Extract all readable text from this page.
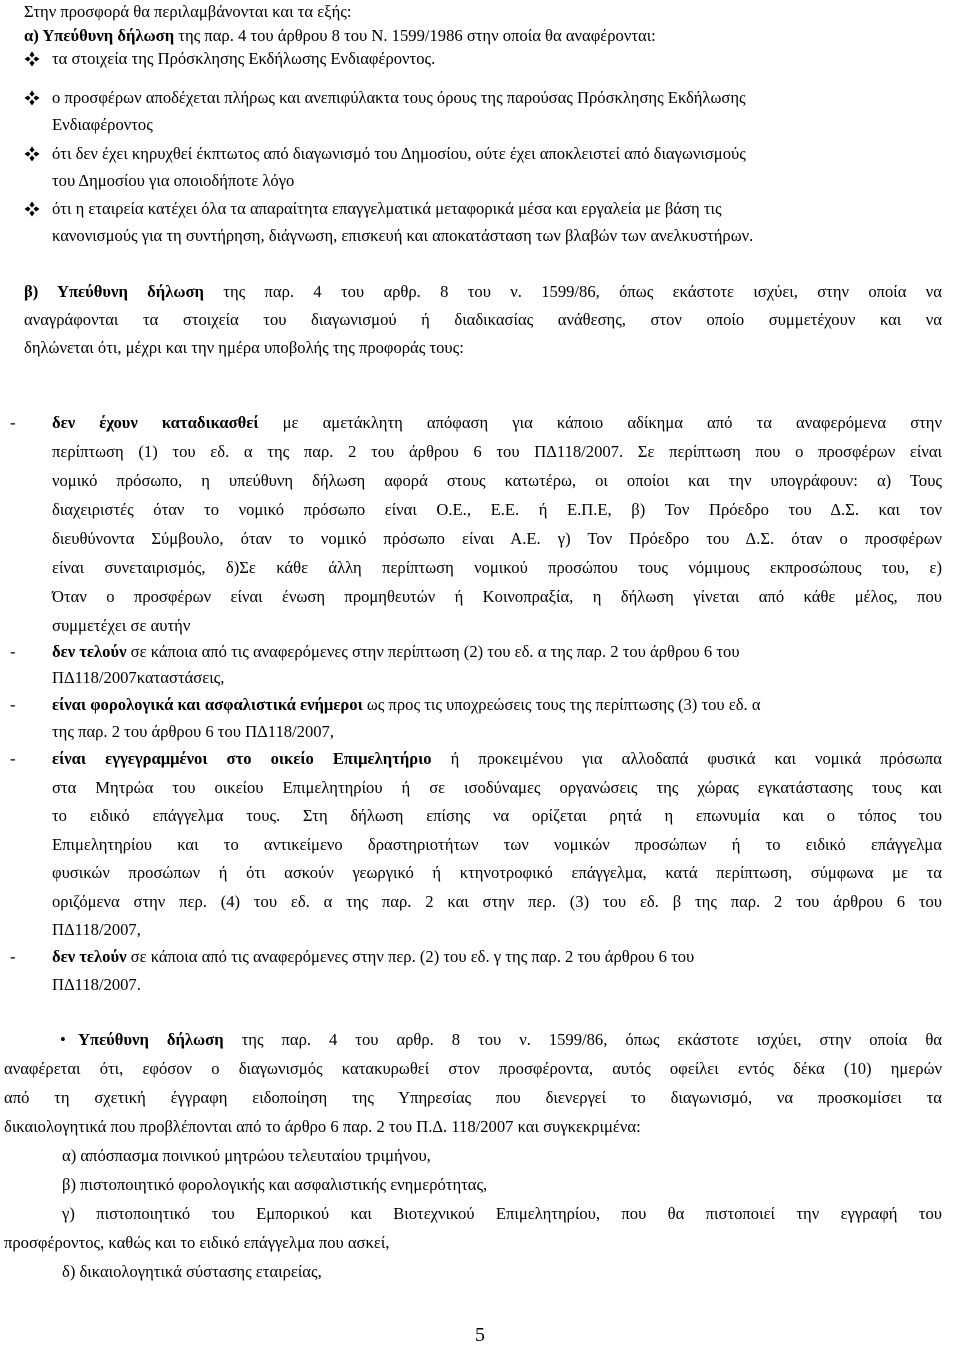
Στην προσφορά θα περιλαμβάνονται και τα εξής:
α) Υπεύθυνη δήλωση της παρ. 4 του άρθρου 8 του Ν. 1599/1986 στην οποία θα αναφέρονται:
τα στοιχεία της Πρόσκλησης Εκδήλωσης Ενδιαφέροντος.
ο προσφέρων αποδέχεται πλήρως και ανεπιφύλακτα τους όρους της παρούσας Πρόσκλησης Εκδήλωσης
Ενδιαφέροντος
ότι δεν έχει κηρυχθεί έκπτωτος από διαγωνισμό του Δημοσίου, ούτε έχει αποκλειστεί από διαγωνισμούς
του Δημοσίου για οποιοδήποτε λόγο
ότι η εταιρεία κατέχει όλα τα απαραίτητα επαγγελματικά μεταφορικά μέσα και εργαλεία με βάση τις
κανονισμούς για τη συντήρηση, διάγνωση, επισκευή και αποκατάσταση των βλαβών των ανελκυστήρων.
β) Υπεύθυνη δήλωση της παρ. 4 του αρθρ. 8 του ν. 1599/86, όπως εκάστοτε ισχύει, στην οποία να
αναγράφονται τα στοιχεία του διαγωνισμού ή διαδικασίας ανάθεσης, στον οποίο συμμετέχουν και να
δηλώνεται ότι, μέχρι και την ημέρα υποβολής της προφοράς τους:
- δεν έχουν καταδικασθεί με αμετάκλητη απόφαση για κάποιο αδίκημα από τα αναφερόμενα στην
περίπτωση (1) του εδ. α της παρ. 2 του άρθρου 6 του ΠΔ118/2007. Σε περίπτωση που ο προσφέρων είναι
νομικό πρόσωπο, η υπεύθυνη δήλωση αφορά στους κατωτέρω, οι οποίοι και την υπογράφουν: α) Τους
διαχειριστές όταν το νομικό πρόσωπο είναι Ο.Ε., Ε.Ε. ή Ε.Π.Ε, β) Τον Πρόεδρο του Δ.Σ. και τον
διευθύνοντα Σύμβουλο, όταν το νομικό πρόσωπο είναι Α.Ε. γ) Τον Πρόεδρο του Δ.Σ. όταν ο προσφέρων
είναι συνεταιρισμός, δ)Σε κάθε άλλη περίπτωση νομικού προσώπου τους νόμιμους εκπροσώπους του, ε)
Όταν ο προσφέρων είναι ένωση προμηθευτών ή Κοινοπραξία, η δήλωση γίνεται από κάθε μέλος, που
συμμετέχει σε αυτήν
- δεν τελούν σε κάποια από τις αναφερόμενες στην περίπτωση (2) του εδ. α της παρ. 2 του άρθρου 6 του
ΠΔ118/2007καταστάσεις,
- είναι φορολογικά και ασφαλιστικά ενήμεροι ως προς τις υποχρεώσεις τους της περίπτωσης (3) του εδ. α
της παρ. 2 του άρθρου 6 του ΠΔ118/2007,
- είναι εγγεγραμμένοι στο οικείο Επιμελητήριο ή προκειμένου για αλλοδαπά φυσικά και νομικά πρόσωπα
στα Μητρώα του οικείου Επιμελητηρίου ή σε ισοδύναμες οργανώσεις της χώρας εγκατάστασης τους και
το ειδικό επάγγελμα τους. Στη δήλωση επίσης να ορίζεται ρητά η επωνυμία και ο τόπος του
Επιμελητηρίου και το αντικείμενο δραστηριοτήτων των νομικών προσώπων ή το ειδικό επάγγελμα
φυσικών προσώπων ή ότι ασκούν γεωργικό ή κτηνοτροφικό επάγγελμα, κατά περίπτωση, σύμφωνα με τα
οριζόμενα στην περ. (4) του εδ. α της παρ. 2 και στην περ. (3) του εδ. β της παρ. 2 του άρθρου 6 του
ΠΔ118/2007,
- δεν τελούν σε κάποια από τις αναφερόμενες στην περ. (2) του εδ. γ της παρ. 2 του άρθρου 6 του
ΠΔ118/2007.
• Υπεύθυνη δήλωση της παρ. 4 του αρθρ. 8 του ν. 1599/86, όπως εκάστοτε ισχύει, στην οποία θα
αναφέρεται ότι, εφόσον ο διαγωνισμός κατακυρωθεί στον προσφέροντα, αυτός οφείλει εντός δέκα (10) ημερών
από τη σχετική έγγραφη ειδοποίηση της Υπηρεσίας που διενεργεί το διαγωνισμό, να προσκομίσει τα
δικαιολογητικά που προβλέπονται από το άρθρο 6 παρ. 2 του Π.Δ. 118/2007 και συγκεκριμένα:
α) απόσπασμα ποινικού μητρώου τελευταίου τριμήνου,
β) πιστοποιητικό φορολογικής και ασφαλιστικής ενημερότητας,
γ) πιστοποιητικό του Εμπορικού και Βιοτεχνικού Επιμελητηρίου, που θα πιστοποιεί την εγγραφή του
προσφέροντος, καθώς και το ειδικό επάγγελμα που ασκεί,
δ) δικαιολογητικά σύστασης εταιρείας,
5
